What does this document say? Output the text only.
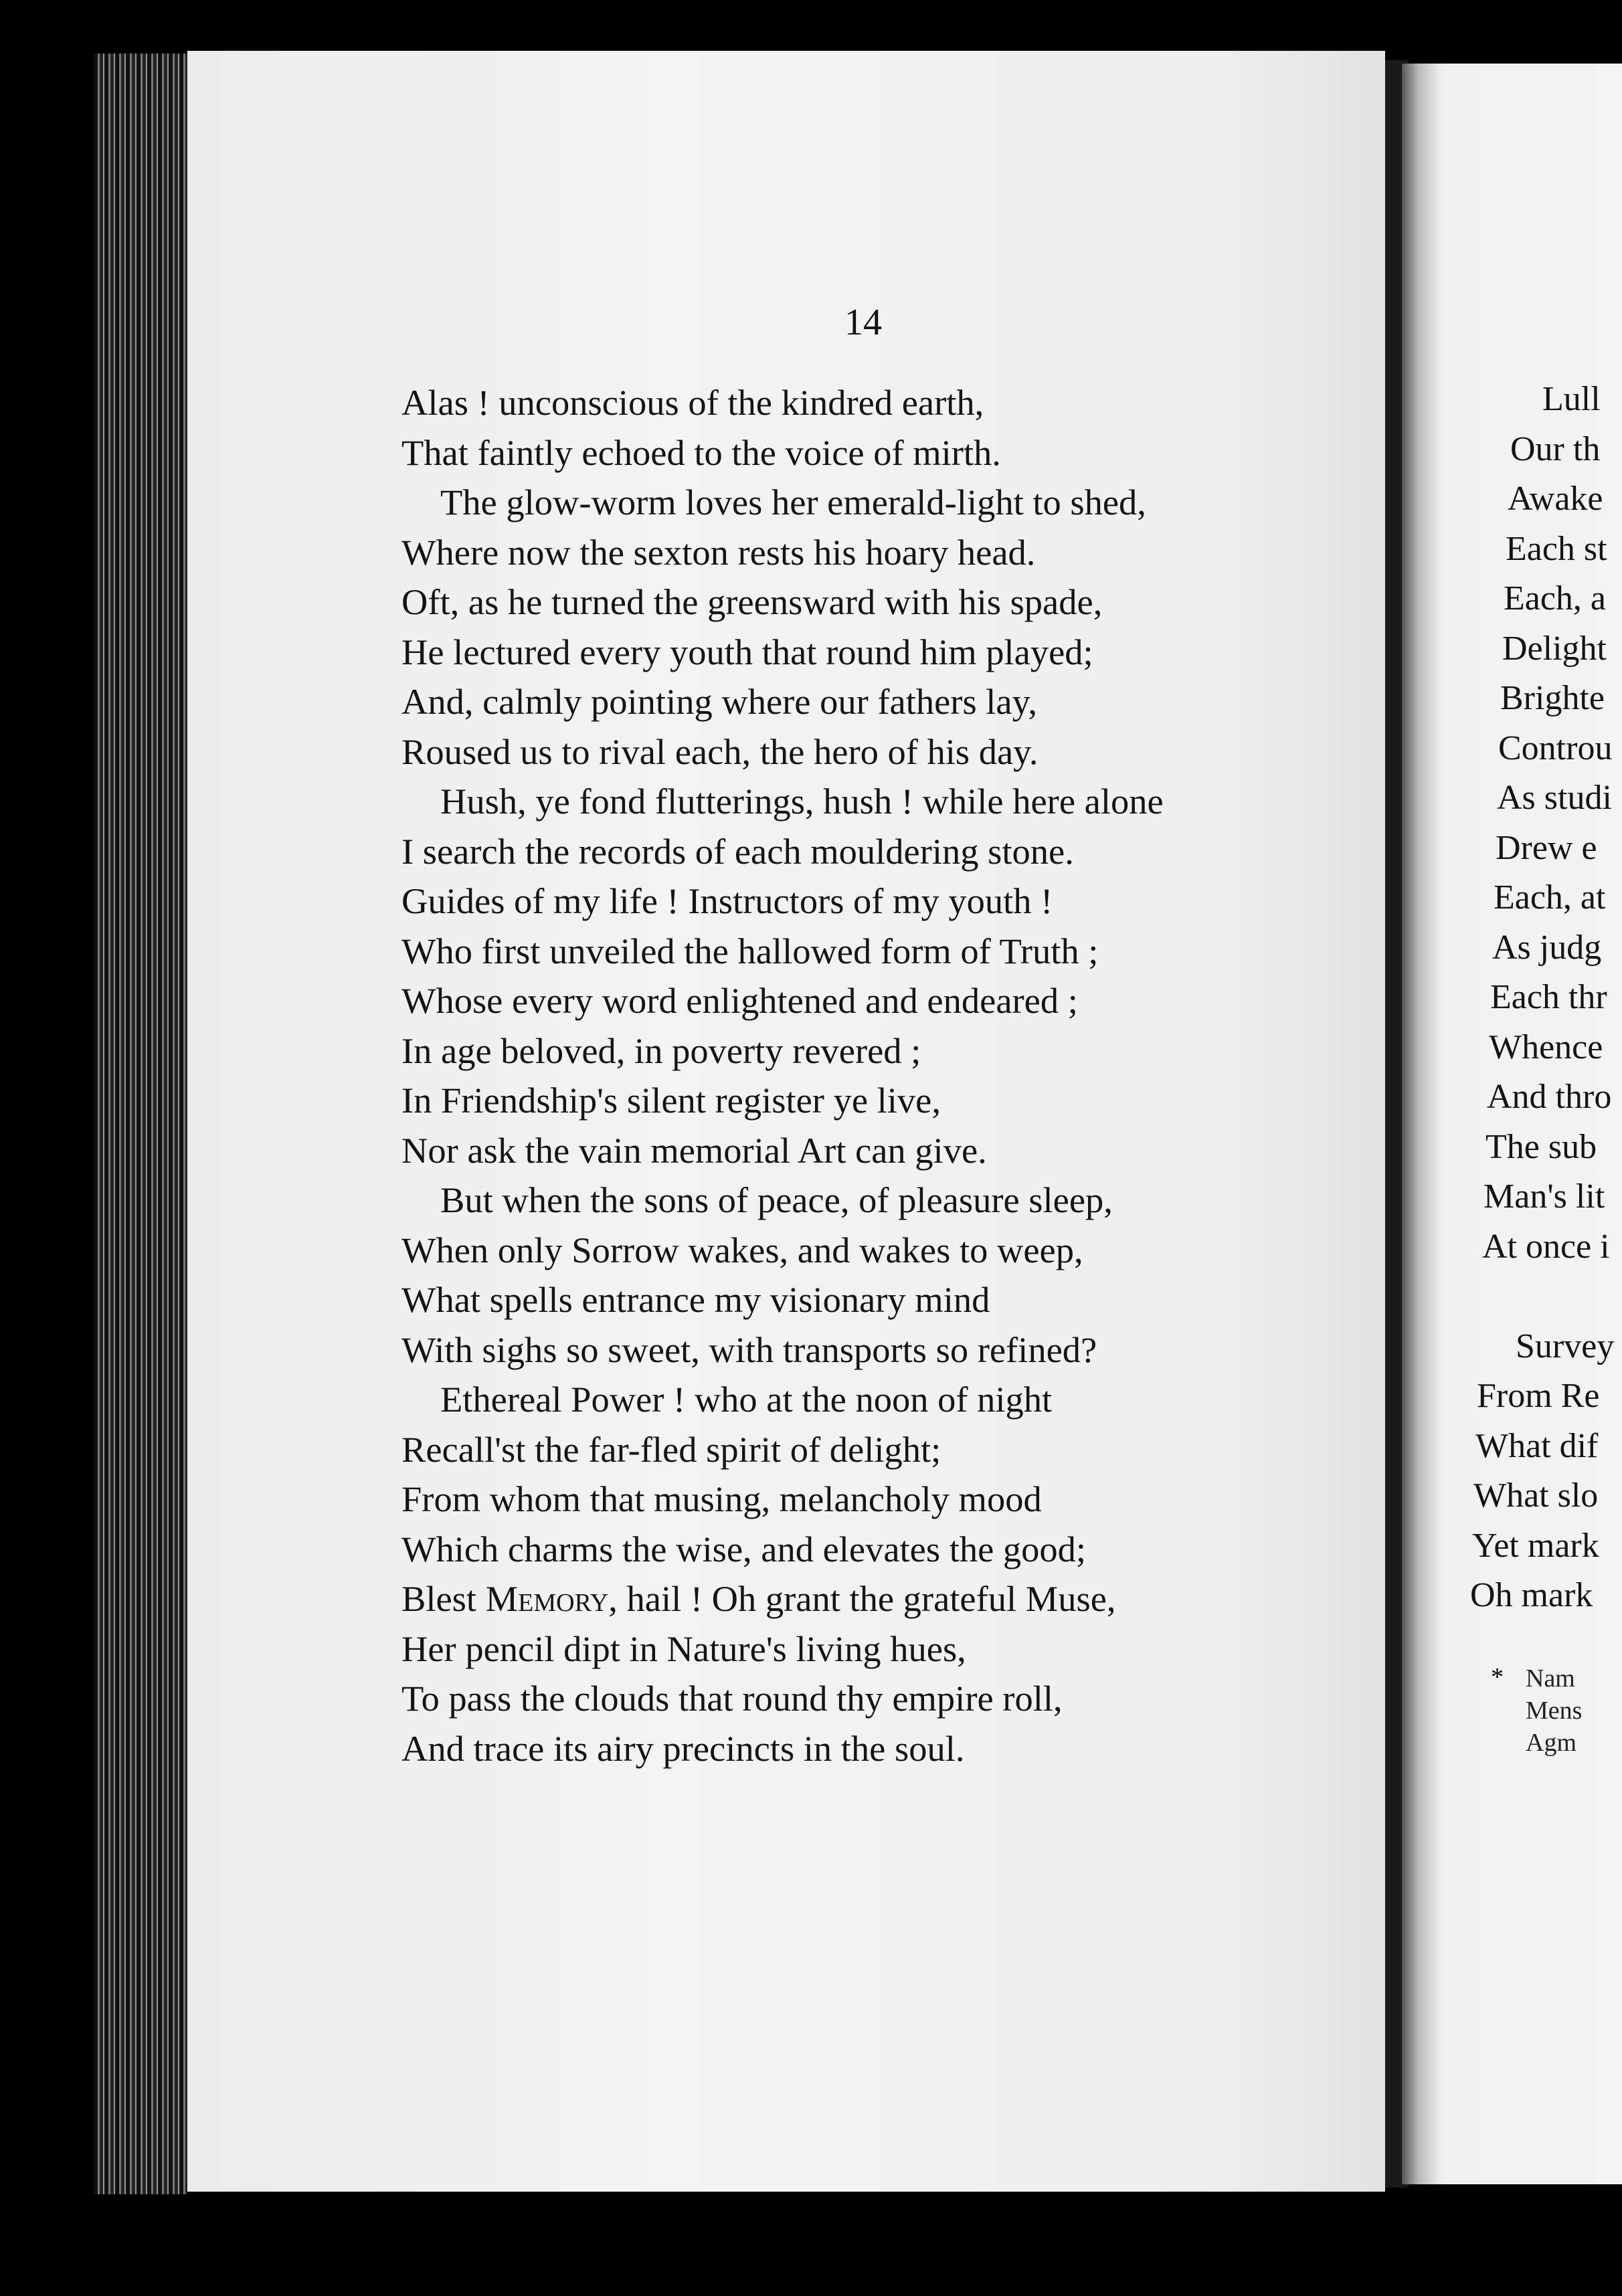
14
Alas ! unconscious of the kindred earth,
That faintly echoed to the voice of mirth.
The glow-worm loves her emerald-light to shed,
Where now the sexton rests his hoary head.
Oft, as he turned the greensward with his spade,
He lectured every youth that round him played;
And, calmly pointing where our fathers lay,
Roused us to rival each, the hero of his day.
Hush, ye fond flutterings, hush ! while here alone
I search the records of each mouldering stone.
Guides of my life ! Instructors of my youth !
Who first unveiled the hallowed form of Truth ;
Whose every word enlightened and endeared ;
In age beloved, in poverty revered ;
In Friendship's silent register ye live,
Nor ask the vain memorial Art can give.
But when the sons of peace, of pleasure sleep,
When only Sorrow wakes, and wakes to weep,
What spells entrance my visionary mind
With sighs so sweet, with transports so refined?
Ethereal Power ! who at the noon of night
Recall'st the far-fled spirit of delight;
From whom that musing, melancholy mood
Which charms the wise, and elevates the good;
Blest Memory, hail ! Oh grant the grateful Muse,
Her pencil dipt in Nature's living hues,
To pass the clouds that round thy empire roll,
And trace its airy precincts in the soul.
Lull
Our th
Awake
Each st
Each, a
Delight
Brighte
Controu
As studi
Drew e
Each, at
As judg
Each thr
Whence
And thro
The sub
Man's lit
At once i
Survey
From Re
What dif
What slo
Yet mark
Oh mark
* Nam
Mens
Agm
